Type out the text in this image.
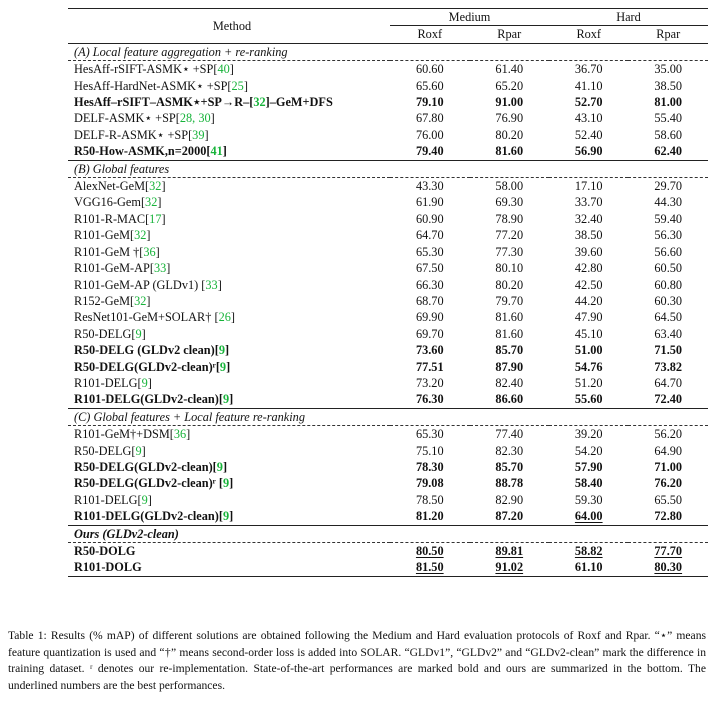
Method	Medium		Hard	
	Roxf	Rpar	Roxf	Rpar
(A) Local feature aggregation + re-ranking				
HesAff-rSIFT-ASMK⋆ +SP[40]	60.60	61.40	36.70	35.00
HesAff-HardNet-ASMK⋆ +SP[25]	65.60	65.20	41.10	38.50
HesAff–rSIFT–ASMK⋆+SP→R–[32]–GeM+DFS	79.10	91.00	52.70	81.00
DELF-ASMK⋆ +SP[28, 30]	67.80	76.90	43.10	55.40
DELF-R-ASMK⋆ +SP[39]	76.00	80.20	52.40	58.60
R50-How-ASMK,n=2000[41]	79.40	81.60	56.90	62.40
(B) Global features				
AlexNet-GeM[32]	43.30	58.00	17.10	29.70
VGG16-Gem[32]	61.90	69.30	33.70	44.30
R101-R-MAC[17]	60.90	78.90	32.40	59.40
R101-GeM[32]	64.70	77.20	38.50	56.30
R101-GeM †[36]	65.30	77.30	39.60	56.60
R101-GeM-AP[33]	67.50	80.10	42.80	60.50
R101-GeM-AP (GLDv1) [33]	66.30	80.20	42.50	60.80
R152-GeM[32]	68.70	79.70	44.20	60.30
ResNet101-GeM+SOLAR† [26]	69.90	81.60	47.90	64.50
R50-DELG[9]	69.70	81.60	45.10	63.40
R50-DELG (GLDv2 clean)[9]	73.60	85.70	51.00	71.50
R50-DELG(GLDv2-clean)ʳ[9]	77.51	87.90	54.76	73.82
R101-DELG[9]	73.20	82.40	51.20	64.70
R101-DELG(GLDv2-clean)[9]	76.30	86.60	55.60	72.40
(C) Global features + Local feature re-ranking				
R101-GeM†+DSM[36]	65.30	77.40	39.20	56.20
R50-DELG[9]	75.10	82.30	54.20	64.90
R50-DELG(GLDv2-clean)[9]	78.30	85.70	57.90	71.00
R50-DELG(GLDv2-clean)ʳ [9]	79.08	88.78	58.40	76.20
R101-DELG[9]	78.50	82.90	59.30	65.50
R101-DELG(GLDv2-clean)[9]	81.20	87.20	64.00	72.80
Ours (GLDv2-clean)				
R50-DOLG	80.50	89.81	58.82	77.70
R101-DOLG	81.50	91.02	61.10	80.30
Table 1: Results (% mAP) of different solutions are obtained following the Medium and Hard evaluation protocols of Roxf and Rpar. “⋆” means feature quantization is used and “†” means second-order loss is added into SOLAR. “GLDv1”, “GLDv2” and “GLDv2-clean” mark the difference in training dataset. ʳ denotes our re-implementation. State-of-the-art performances are marked bold and ours are summarized in the bottom. The underlined numbers are the best performances.
